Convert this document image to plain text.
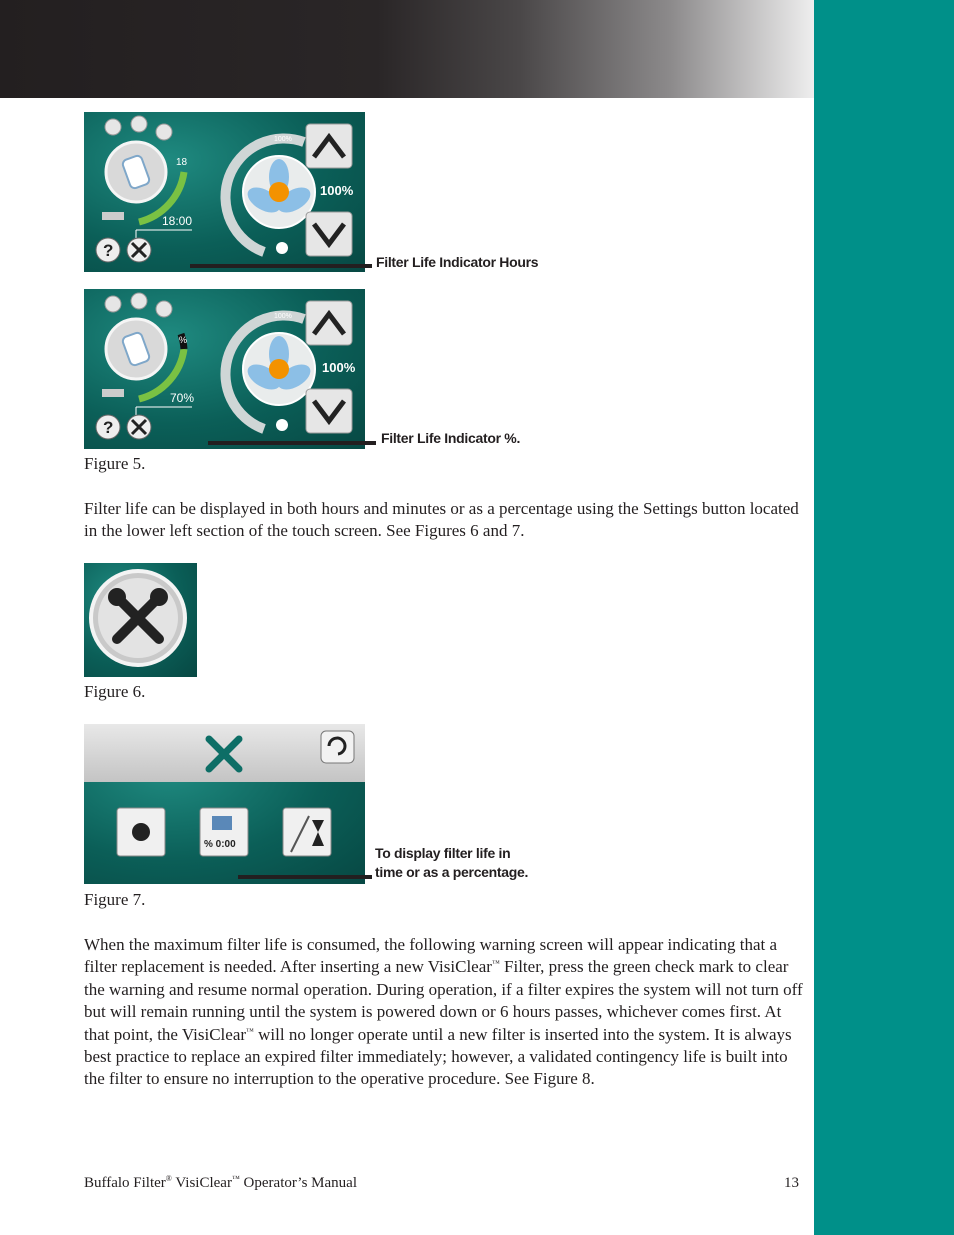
?
18
18:00
100%
100%
Filter Life Indicator Hours
?
%
70%
100%
100%
Filter Life Indicator %.
Figure 5.
Filter life can be displayed in both hours and minutes or as a percentage using the Settings button located in the lower left section of the touch screen. See Figures 6 and 7.
Figure 6.
% 0:00
To display filter life in
time or as a percentage.
Figure 7.
When the maximum filter life is consumed, the following warning screen will appear indicating that a filter replacement is needed. After inserting a new VisiClear™ Filter, press the green check mark to clear the warning and resume normal operation. During operation, if a filter expires the system will not turn off but will remain running until the system is powered down or 6 hours passes, whichever comes first. At that point, the VisiClear™ will no longer operate until a new filter is inserted into the system. It is always best practice to replace an expired filter immediately; however, a validated contingency life is built into the filter to ensure no interruption to the operative procedure. See Figure 8.
Buffalo Filter® VisiClear™ Operator’s Manual	13
